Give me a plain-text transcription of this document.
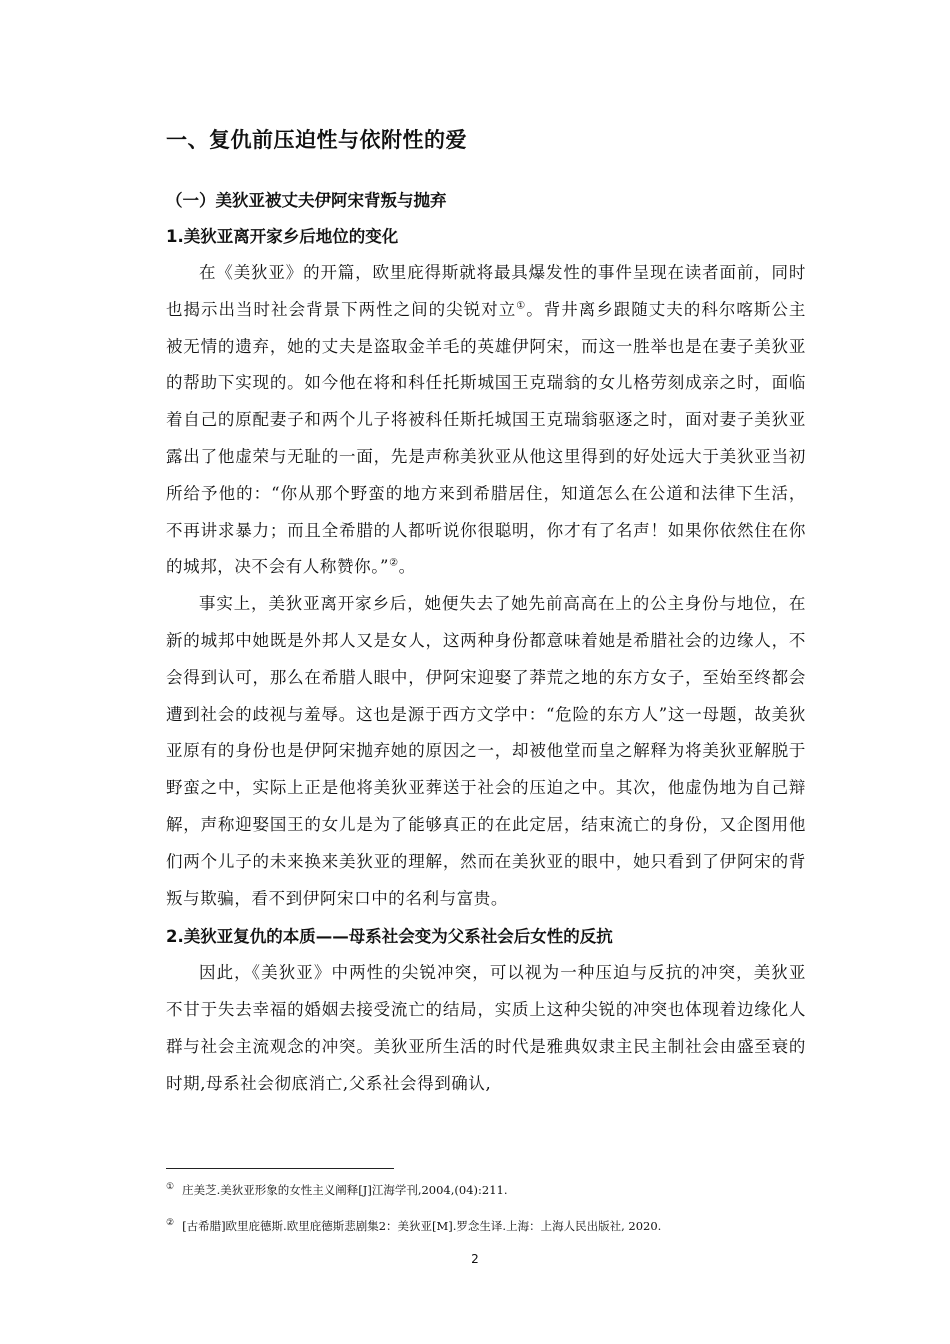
一、复仇前压迫性与依附性的爱
（一）美狄亚被丈夫伊阿宋背叛与抛弃
1.美狄亚离开家乡后地位的变化

在《美狄亚》的开篇，欧里庇得斯就将最具爆发性的事件呈现在读者面前，同时也揭示出当时社会背景下两性之间的尖锐对立①。背井离乡跟随丈夫的科尔喀斯公主被无情的遗弃，她的丈夫是盗取金羊毛的英雄伊阿宋，而这一胜举也是在妻子美狄亚的帮助下实现的。如今他在将和科任托斯城国王克瑞翁的女儿格劳刻成亲之时，面临着自己的原配妻子和两个儿子将被科任斯托城国王克瑞翁驱逐之时，面对妻子美狄亚露出了他虚荣与无耻的一面，先是声称美狄亚从他这里得到的好处远大于美狄亚当初所给予他的：“你从那个野蛮的地方来到希腊居住，知道怎么在公道和法律下生活，不再讲求暴力；而且全希腊的人都听说你很聪明，你才有了名声！如果你依然住在你的城邦，决不会有人称赞你。”②。

事实上，美狄亚离开家乡后，她便失去了她先前高高在上的公主身份与地位，在新的城邦中她既是外邦人又是女人，这两种身份都意味着她是希腊社会的边缘人，不会得到认可，那么在希腊人眼中，伊阿宋迎娶了莽荒之地的东方女子，至始至终都会遭到社会的歧视与羞辱。这也是源于西方文学中：“危险的东方人”这一母题，故美狄亚原有的身份也是伊阿宋抛弃她的原因之一，却被他堂而皇之解释为将美狄亚解脱于野蛮之中，实际上正是他将美狄亚葬送于社会的压迫之中。其次，他虚伪地为自己辩解，声称迎娶国王的女儿是为了能够真正的在此定居，结束流亡的身份，又企图用他们两个儿子的未来换来美狄亚的理解，然而在美狄亚的眼中，她只看到了伊阿宋的背叛与欺骗，看不到伊阿宋口中的名利与富贵。

2.美狄亚复仇的本质——母系社会变为父系社会后女性的反抗

因此，《美狄亚》中两性的尖锐冲突，可以视为一种压迫与反抗的冲突，美狄亚不甘于失去幸福的婚姻去接受流亡的结局，实质上这种尖锐的冲突也体现着边缘化人群与社会主流观念的冲突。美狄亚所生活的时代是雅典奴隶主民主制社会由盛至衰的时期,母系社会彻底消亡,父系社会得到确认,

① 庄美芝.美狄亚形象的女性主义阐释[J]江海学刊,2004,(04):211.
② [古希腊]欧里庇德斯.欧里庇德斯悲剧集2：美狄亚[M].罗念生译.上海：上海人民出版社, 2020.
2
